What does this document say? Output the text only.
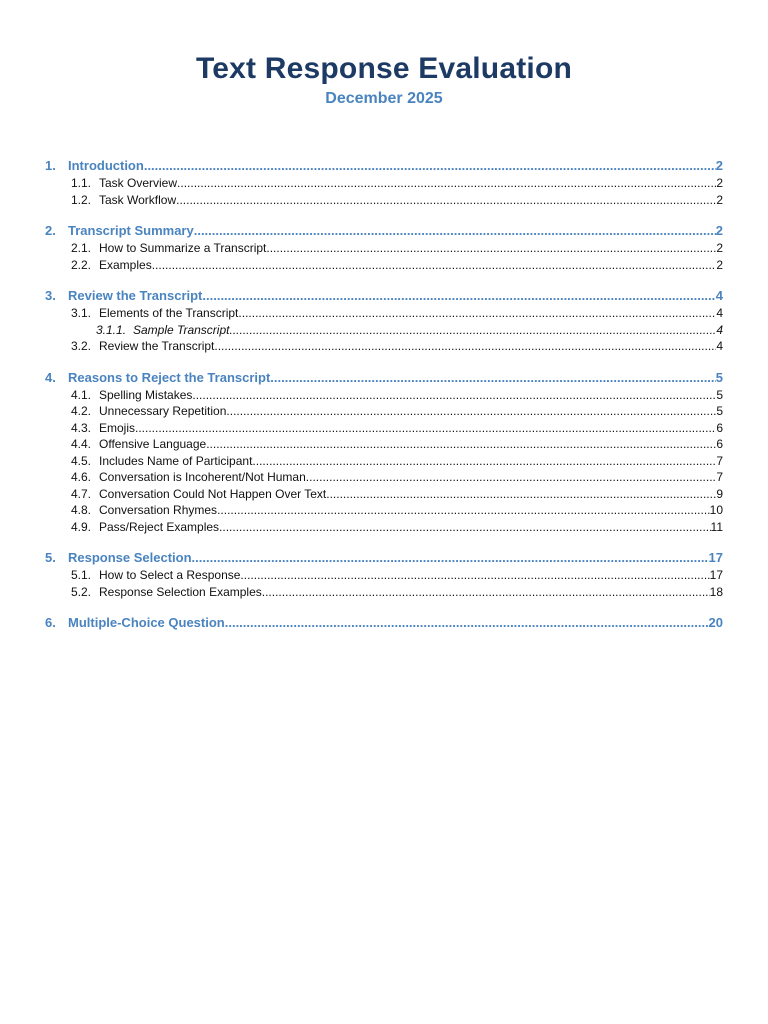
Text Response Evaluation
December 2025
1. Introduction .....	2
1.1. Task Overview .....	2
1.2. Task Workflow .....	2
2. Transcript Summary .....	2
2.1. How to Summarize a Transcript .....	2
2.2. Examples .....	2
3. Review the Transcript .....	4
3.1. Elements of the Transcript .....	4
3.1.1. Sample Transcript .....	4
3.2. Review the Transcript .....	4
4. Reasons to Reject the Transcript .....	5
4.1. Spelling Mistakes .....	5
4.2. Unnecessary Repetition .....	5
4.3. Emojis .....	6
4.4. Offensive Language .....	6
4.5. Includes Name of Participant .....	7
4.6. Conversation is Incoherent/Not Human .....	7
4.7. Conversation Could Not Happen Over Text .....	9
4.8. Conversation Rhymes .....	10
4.9. Pass/Reject Examples .....	11
5. Response Selection .....	17
5.1. How to Select a Response .....	17
5.2. Response Selection Examples .....	18
6. Multiple-Choice Question .....	20
